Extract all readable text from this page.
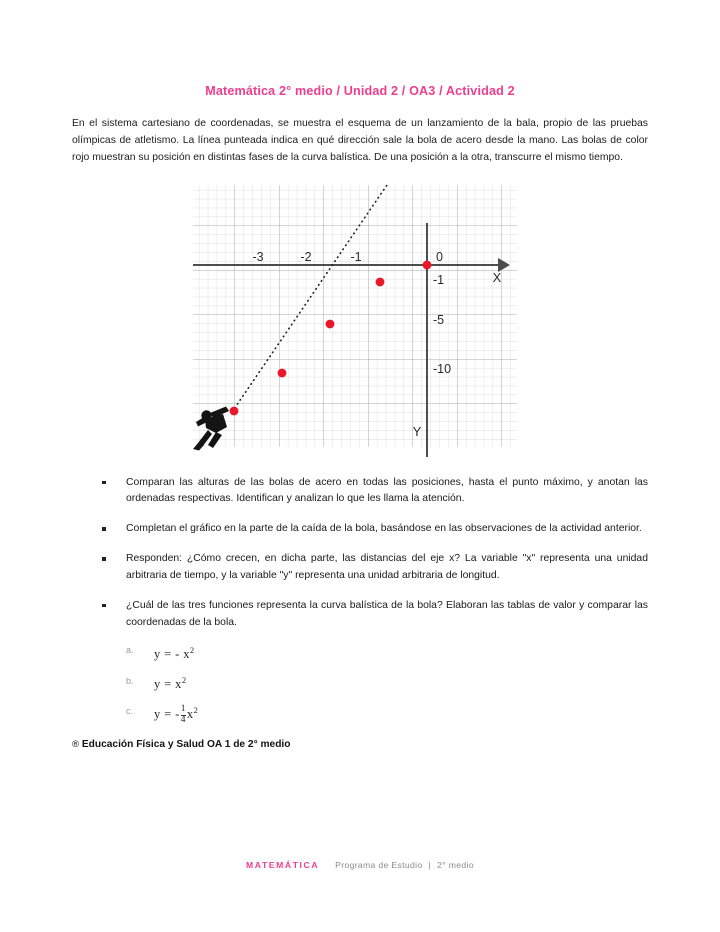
Matemática 2° medio / Unidad 2 / OA3 / Actividad 2

En el sistema cartesiano de coordenadas, se muestra el esquema de un lanzamiento de la bala, propio de las pruebas olímpicas de atletismo. La línea punteada indica en qué dirección sale la bola de acero desde la mano. Las bolas de color rojo muestran su posición en distintas fases de la curva balística. De una posición a la otra, transcurre el mismo tiempo.

-3	-2	-1	0
-1
-5
-10
X
Y
Comparan las alturas de las bolas de acero en todas las posiciones, hasta el punto máximo, y anotan las ordenadas respectivas. Identifican y analizan lo que les llama la atención.
Completan el gráfico en la parte de la caída de la bola, basándose en las observaciones de la actividad anterior.
Responden: ¿Cómo crecen, en dicha parte, las distancias del eje x? La variable "x" representa una unidad arbitraria de tiempo, y la variable "y" representa una unidad arbitraria de longitud.
¿Cuál de las tres funciones representa la curva balística de la bola? Elaboran las tablas de valor y comparar las coordenadas de la bola.
a. y = - $x^2$
b. $y = x^2$
c. y = - $\frac{1}{4} x^2$

® Educación Física y Salud OA 1 de 2° medio

MATEMÁTICA Programa de Estudio | 2° medio
